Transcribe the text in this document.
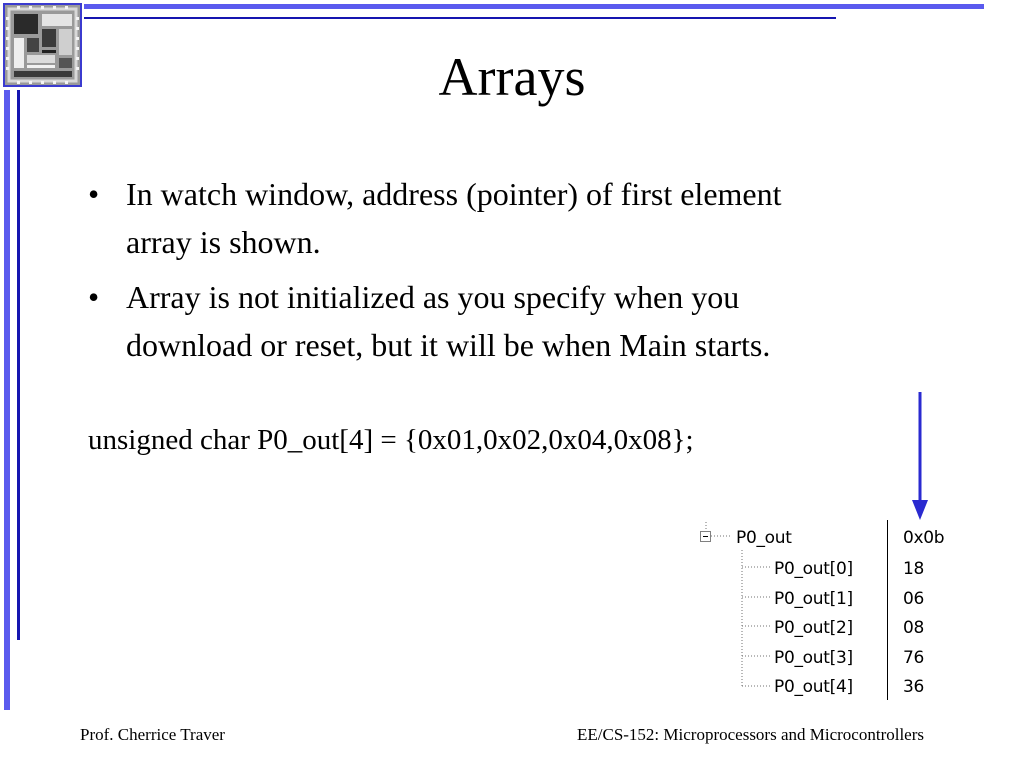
Arrays
• In watch window, address (pointer) of first element array is shown.
• Array is not initialized as you specify when you download or reset, but it will be when Main starts.
unsigned char P0_out[4] = {0x01,0x02,0x04,0x08};
P0_out	0x0b
P0_out[0]	18
P0_out[1]	06
P0_out[2]	08
P0_out[3]	76
P0_out[4]	36
Prof. Cherrice Traver	EE/CS-152: Microprocessors and Microcontrollers
